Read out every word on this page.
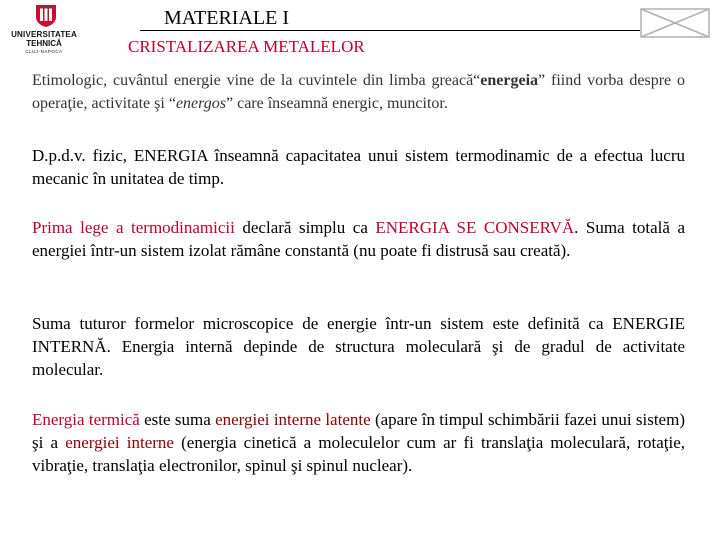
UNIVERSITATEA
TEHNICĂ
CLUJ-NAPOCA
MATERIALE I
CRISTALIZAREA METALELOR

Etimologic, cuvântul energie vine de la cuvintele din limba greacă“energeia” fiind vorba despre o operaţie, activitate şi “energos” care înseamnă energic, muncitor.

D.p.d.v. fizic, ENERGIA înseamnă capacitatea unui sistem termodinamic de a efectua lucru mecanic în unitatea de timp.

Prima lege a termodinamicii declară simplu ca ENERGIA SE CONSERVĂ. Suma totală a energiei într-un sistem izolat rămâne constantă (nu poate fi distrusă sau creată).

Suma tuturor formelor microscopice de energie într-un sistem este definită ca ENERGIE INTERNĂ. Energia internă depinde de structura moleculară şi de gradul de activitate molecular.

Energia termică este suma energiei interne latente (apare în timpul schimbării fazei unui sistem) şi a energiei interne (energia cinetică a moleculelor cum ar fi translaţia moleculară, rotaţie, vibraţie, translaţia electronilor, spinul şi spinul nuclear).
